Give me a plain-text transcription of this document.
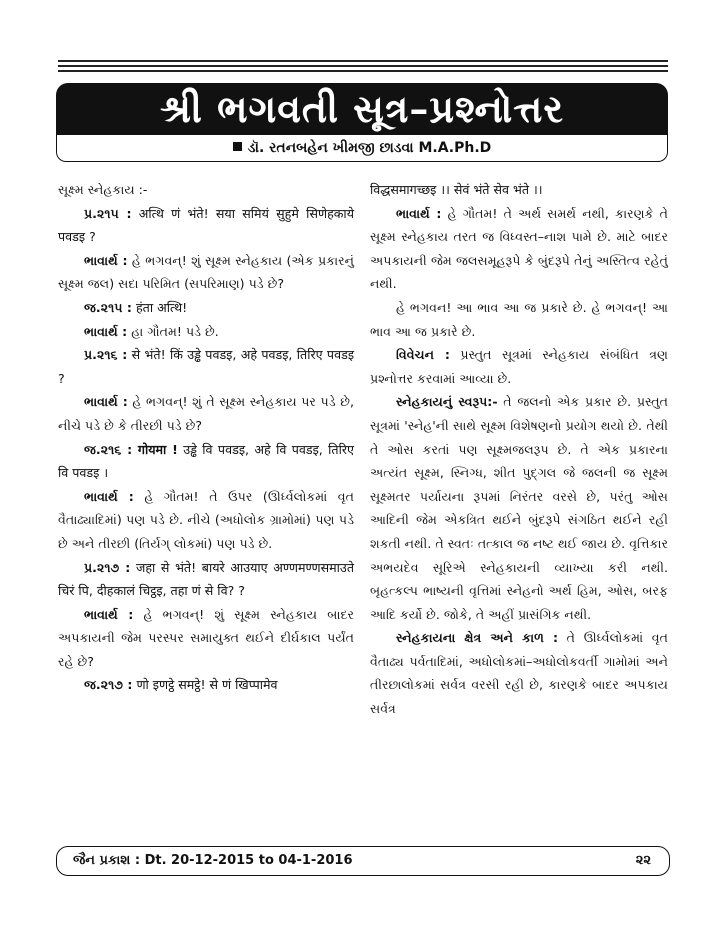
શ્રી ભગવતી સૂત્ર–પ્રશ્નોત્તર
ડૉ. રતનબહેન ખીમજી છાડવા M.A.Ph.D

સૂક્ષ્મ સ્નેહકાય :-

પ્ર.૨૧૫ : अत्थि णं भंते! सया समियं सुहुमे सिणेहकाये पवडइ ?

ભાવાર્થ : હે ભગવન્! શું સૂક્ષ્મ સ્નેહકાય (એક પ્રકારનું સૂક્ષ્મ જલ) સદા પરિમિત (સપરિમાણ) પડે છે?

જ.૨૧૫ : हंता अत्थि!

ભાવાર્થ : હા ગૌતમ! પડે છે.

પ્ર.૨૧૬ : से भंते! किं उड्ढे पवडइ, अहे पवडइ, तिरिए पवडइ ?

ભાવાર્થ : હે ભગવન્! શું તે સૂક્ષ્મ સ્નેહકાય પર પડે છે, નીચે પડે છે કે તીરછી પડે છે?

જ.૨૧૬ : गोयमा ! उड्ढे वि पवडइ, अहे वि पवडइ, तिरिए वि पवडइ ।

ભાવાર્થ : હે ગૌતમ! તે ઉપર (ઊર્ધ્વલોકમાં વૃત વૈતાઢ્યાદિમાં) પણ પડે છે. નીચે (અધોલોક ગ્રામોમાં) પણ પડે છે અને તીરછી (તિર્યગ્ લોકમાં) પણ પડે છે.

પ્ર.૨૧૭ : जहा से भंते! बायरे आउयाए अण्णमण्णसमाउते चिरं पि, दीहकालं चिट्ठइ, तहा णं से वि? ?

ભાવાર્થ : હે ભગવન્! શું સૂક્ષ્મ સ્નેહકાય બાદર અપકાયની જેમ પરસ્પર સમાયુક્ત થઈને દીર્ઘકાલ પર્યંત રહે છે?

જ.૨૧૭ : णो इणट्ठे समट्ठे! से णं खिप्पामेव

विद्धसमागच्छइ ।। सेवं भंते सेव भंते ।।

ભાવાર્થ : હે ગૌતમ! તે અર્થ સમર્થ નથી, કારણકે તે સૂક્ષ્મ સ્નેહકાય તરત જ વિધ્વસ્ત–નાશ પામે છે. માટે બાદર અપકાયની જેમ જલસમૂહરૂપે કે બુંદરૂપે તેનું અસ્તિત્વ રહેતું નથી.

હે ભગવન! આ ભાવ આ જ પ્રકારે છે. હે ભગવન્! આ ભાવ આ જ પ્રકારે છે.

વિવેચન : પ્રસ્તુત સૂત્રમાં સ્નેહકાય સંબંધિત ત્રણ પ્રશ્નોત્તર કરવામાં આવ્યા છે.

સ્નેહકાયનું સ્વરૂપ:- તે જલનો એક પ્રકાર છે. પ્રસ્તુત સૂત્રમાં 'સ્નેહ'ની સાથે સૂક્ષ્મ વિશેષણનો પ્રયોગ થયો છે. તેથી તે ઓસ કરતાં પણ સૂક્ષ્મજલરૂપ છે. તે એક પ્રકારના અત્યંત સૂક્ષ્મ, સ્નિગ્ધ, શીત પુદ્ગલ જે જલની જ સૂક્ષ્મ સૂક્ષ્મતર પર્યાયના રૂપમાં નિરંતર વરસે છે, પરંતુ ઓસ આદિની જેમ એકત્રિત થઈને બુંદરૂપે સંગઠિત થઈને રહી શકતી નથી. તે સ્વતઃ તત્કાલ જ નષ્ટ થઈ જાય છે. વૃત્તિકાર અભયદેવ સૂરિએ સ્નેહકાયની વ્યાખ્યા કરી નથી. બૃહત્કલ્પ ભાષ્યની વૃત્તિમાં સ્નેહનો અર્થ હિમ, ઓસ, બરફ આદિ કર્યો છે. જોકે, તે અહીં પ્રાસંગિક નથી.

સ્નેહકાયના ક્ષેત્ર અને કાળ : તે ઊર્ધ્વલોકમાં વૃત વૈતાઢ્ય પર્વતાદિમાં, અધોલોકમાં–અધોલોકવર્તી ગામોમાં અને તીરછાલોકમાં સર્વત્ર વરસી રહી છે, કારણકે બાદર અપકાય સર્વત્ર

જૈન પ્રકાશ : Dt. 20-12-2015 to 04-1-2016	૨૨
